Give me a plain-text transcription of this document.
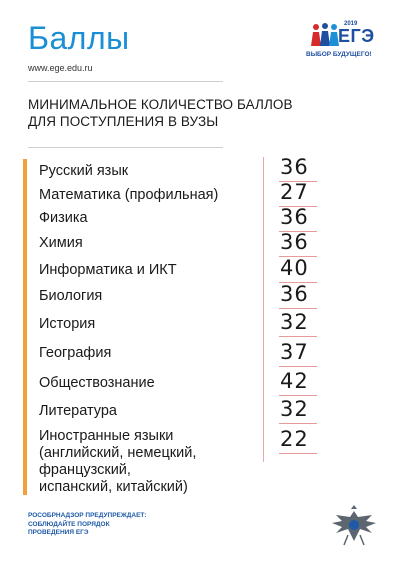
Баллы
www.ege.edu.ru
2019
ЕГЭ
ВЫБОР БУДУЩЕГО!
МИНИМАЛЬНОЕ КОЛИЧЕСТВО БАЛЛОВ
ДЛЯ ПОСТУПЛЕНИЯ В ВУЗЫ
Русский язык
Математика (профильная)
Физика
Химия
Информатика и ИКТ
Биология
История
География
Обществознание
Литература
Иностранные языки
(английский, немецкий,
французский,
испанский, китайский)
36
27
36
36
40
36
32
37
42
32
22
РОСОБРНАДЗОР ПРЕДУПРЕЖДАЕТ:
СОБЛЮДАЙТЕ ПОРЯДОК
ПРОВЕДЕНИЯ ЕГЭ
